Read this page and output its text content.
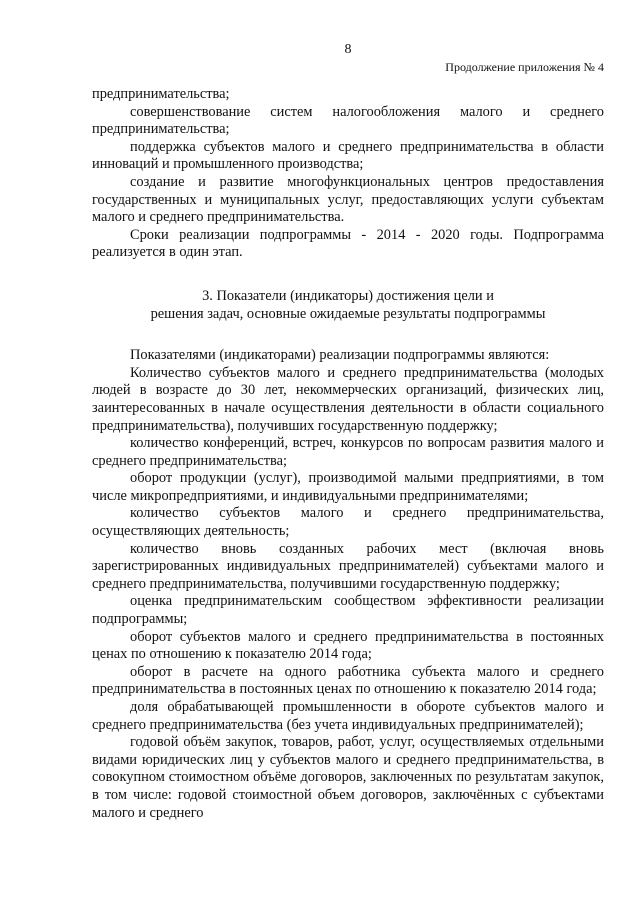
8
Продолжение приложения № 4

предпринимательства;

совершенствование систем налогообложения малого и среднего предпринимательства;

поддержка субъектов малого и среднего предпринимательства в области инноваций и промышленного производства;

создание и развитие многофункциональных центров предоставления государственных и муниципальных услуг, предоставляющих услуги субъектам малого и среднего предпринимательства.

Сроки реализации подпрограммы - 2014 - 2020 годы. Подпрограмма реализуется в один этап.

3. Показатели (индикаторы) достижения цели и
решения задач, основные ожидаемые результаты подпрограммы

Показателями (индикаторами) реализации подпрограммы являются:

Количество субъектов малого и среднего предпринимательства (молодых людей в возрасте до 30 лет, некоммерческих организаций, физических лиц, заинтересованных в начале осуществления деятельности в области социального предпринимательства), получивших государственную поддержку;

количество конференций, встреч, конкурсов по вопросам развития малого и среднего предпринимательства;

оборот продукции (услуг), производимой малыми предприятиями, в том числе микропредприятиями, и индивидуальными предпринимателями;

количество субъектов малого и среднего предпринимательства, осуществляющих деятельность;

количество вновь созданных рабочих мест (включая вновь зарегистрированных индивидуальных предпринимателей) субъектами малого и среднего предпринимательства, получившими государственную поддержку;

оценка предпринимательским сообществом эффективности реализации подпрограммы;

оборот субъектов малого и среднего предпринимательства в постоянных ценах по отношению к показателю 2014 года;

оборот в расчете на одного работника субъекта малого и среднего предпринимательства в постоянных ценах по отношению к показателю 2014 года;

доля обрабатывающей промышленности в обороте субъектов малого и среднего предпринимательства (без учета индивидуальных предпринимателей);

годовой объём закупок, товаров, работ, услуг, осуществляемых отдельными видами юридических лиц у субъектов малого и среднего предпринимательства, в совокупном стоимостном объёме договоров, заключенных по результатам закупок, в том числе: годовой стоимостной объем договоров, заключённых с субъектами малого и среднего
